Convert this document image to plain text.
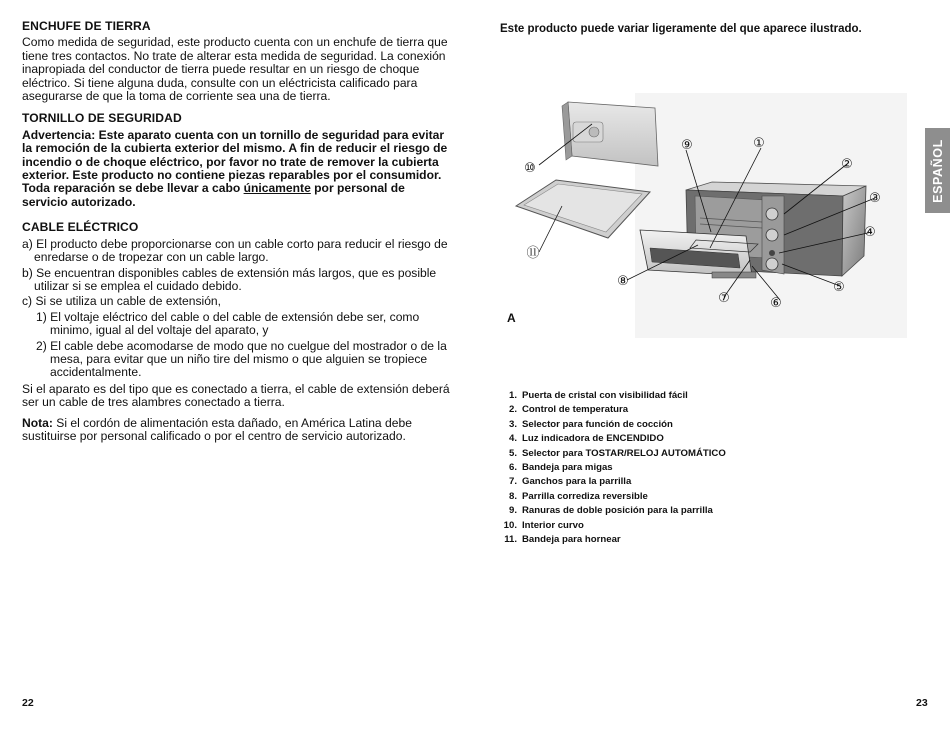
ENCHUFE DE TIERRA
Como medida de seguridad, este producto cuenta con un enchufe de tierra que tiene tres contactos. No trate de alterar esta medida de seguridad. La conexión inapropiada del conductor de tierra puede resultar en un riesgo de choque eléctrico. Si tiene alguna duda, consulte con un eléctricista calificado para asegurarse de que la toma de corriente sea una de tierra.
TORNILLO DE SEGURIDAD
Advertencia: Este aparato cuenta con un tornillo de seguridad para evitar la remoción de la cubierta exterior del mismo. A fin de reducir el riesgo de incendio o de choque eléctrico, por favor no trate de remover la cubierta exterior. Este producto no contiene piezas reparables por el consumidor. Toda reparación se debe llevar a cabo únicamente por personal de servicio autorizado.
CABLE ELÉCTRICO
a) El producto debe proporcionarse con un cable corto para reducir el riesgo de enredarse o de tropezar con un cable largo.
b) Se encuentran disponibles cables de extensión más largos, que es posible utilizar si se emplea el cuidado debido.
c) Si se utiliza un cable de extensión,
1) El voltaje eléctrico del cable o del cable de extensión debe ser, como minimo, igual al del voltaje del aparato, y
2) El cable debe acomodarse de modo que no cuelgue del mostrador o de la mesa, para evitar que un niño tire del mismo o que alguien se tropiece accidentalmente.
Si el aparato es del tipo que es conectado a tierra, el cable de extensión deberá ser un cable de tres alambres conectado a tierra.
Nota: Si el cordón de alimentación esta dañado, en América Latina debe sustituirse por personal calificado o por el centro de servicio autorizado.
22
Este producto puede variar ligeramente del que aparece ilustrado.
ESPAÑOL
①
②
③
④
⑤
⑥
⑦
⑧
⑨
⑩
⑪
A
1. Puerta de cristal con visibilidad fácil
2. Control de temperatura
3. Selector para función de cocción
4. Luz indicadora de ENCENDIDO
5. Selector para TOSTAR/RELOJ AUTOMÁTICO
6. Bandeja para migas
7. Ganchos para la parrilla
8. Parrilla corrediza reversible
9. Ranuras de doble posición para la parrilla
10. Interior curvo
11. Bandeja para hornear
23
